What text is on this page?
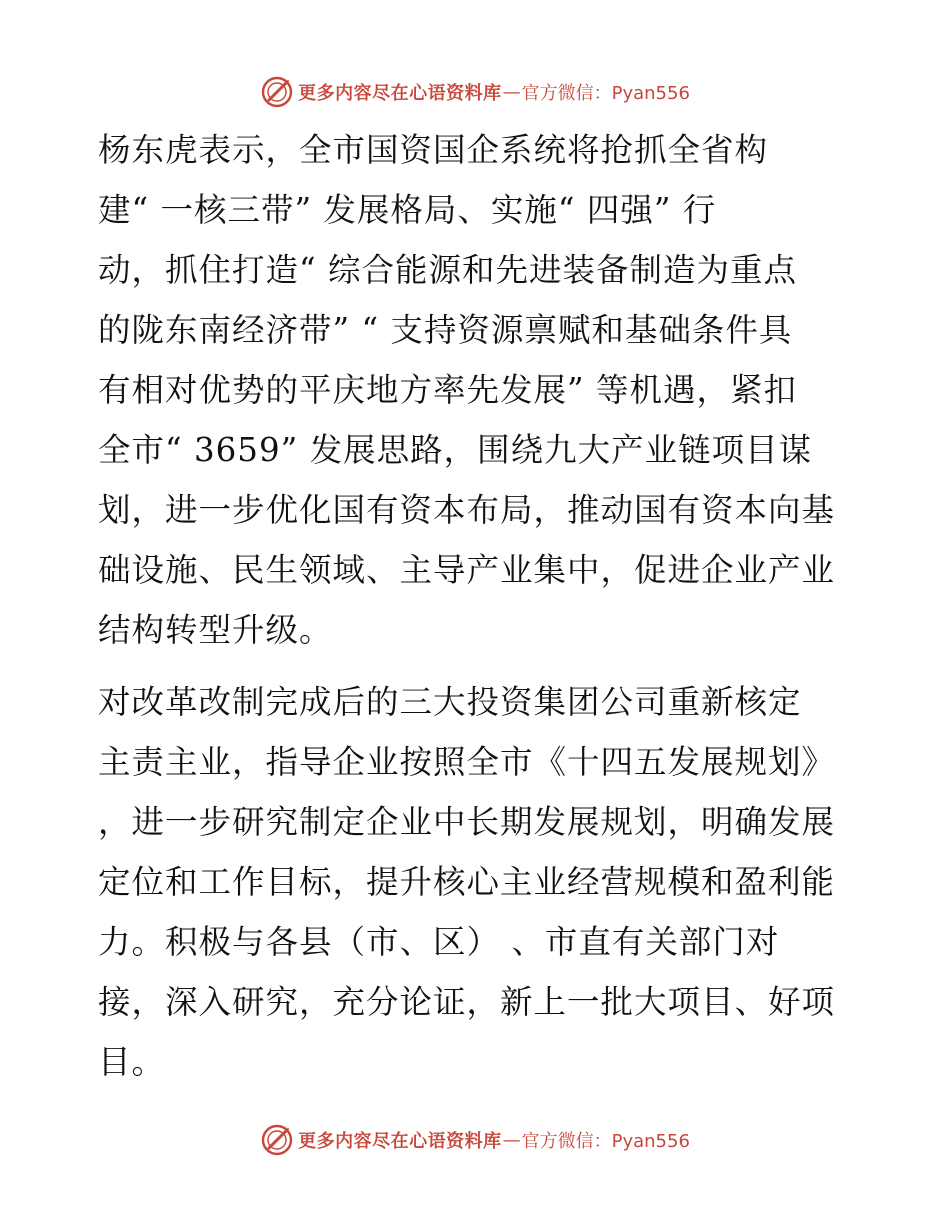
更多内容尽在心语资料库 — 官方微信：Pyan556

杨东虎表示，全市国资国企系统将抢抓全省构
建“ 一核三带” 发展格局、实施“ 四强” 行
动，抓住打造“ 综合能源和先进装备制造为重点
的陇东南经济带” “ 支持资源禀赋和基础条件具
有相对优势的平庆地方率先发展” 等机遇，紧扣
全市“ 3659” 发展思路，围绕九大产业链项目谋
划，进一步优化国有资本布局，推动国有资本向基
础设施、民生领域、主导产业集中，促进企业产业
结构转型升级。

对改革改制完成后的三大投资集团公司重新核定
主责主业，指导企业按照全市《十四五发展规划》
，进一步研究制定企业中长期发展规划，明确发展
定位和工作目标，提升核心主业经营规模和盈利能
力。积极与各县（市、区） 、市直有关部门对
接，深入研究，充分论证，新上一批大项目、好项
目。

更多内容尽在心语资料库 — 官方微信：Pyan556
